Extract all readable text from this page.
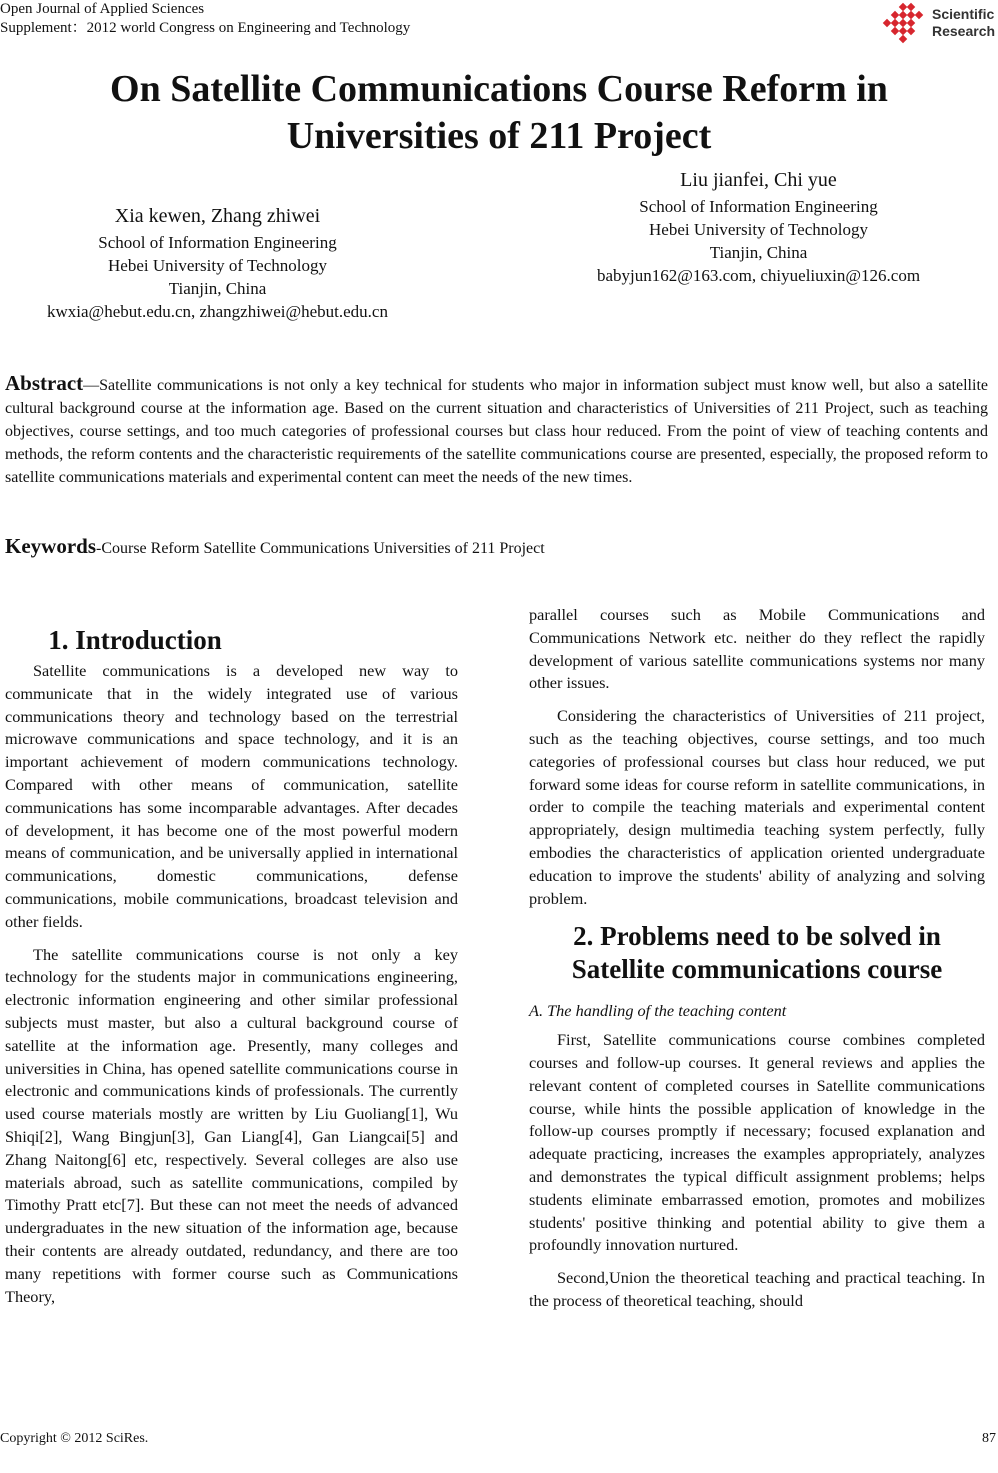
Open Journal of Applied Sciences
Supplement：2012 world Congress on Engineering and Technology
Scientific
Research
On Satellite Communications Course Reform in
Universities of 211 Project
Xia kewen, Zhang zhiwei
School of Information Engineering
Hebei University of Technology
Tianjin, China
kwxia@hebut.edu.cn, zhangzhiwei@hebut.edu.cn
Liu jianfei, Chi yue
School of Information Engineering
Hebei University of Technology
Tianjin, China
babyjun162@163.com, chiyueliuxin@126.com
Abstract—Satellite communications is not only a key technical for students who major in information subject must know well, but also a satellite cultural background course at the information age. Based on the current situation and characteristics of Universities of 211 Project, such as teaching objectives, course settings, and too much categories of professional courses but class hour reduced. From the point of view of teaching contents and methods, the reform contents and the characteristic requirements of the satellite communications course are presented, especially, the proposed reform to satellite communications materials and experimental content can meet the needs of the new times.
Keywords-Course Reform Satellite Communications Universities of 211 Project
1. Introduction

Satellite communications is a developed new way to communicate that in the widely integrated use of various communications theory and technology based on the terrestrial microwave communications and space technology, and it is an important achievement of modern communications technology. Compared with other means of communication, satellite communications has some incomparable advantages. After decades of development, it has become one of the most powerful modern means of communication, and be universally applied in international communications, domestic communications, defense communications, mobile communications, broadcast television and other fields.

The satellite communications course is not only a key technology for the students major in communications engineering, electronic information engineering and other similar professional subjects must master, but also a cultural background course of satellite at the information age. Presently, many colleges and universities in China, has opened satellite communications course in electronic and communications kinds of professionals. The currently used course materials mostly are written by Liu Guoliang[1], Wu Shiqi[2], Wang Bingjun[3], Gan Liang[4], Gan Liangcai[5] and Zhang Naitong[6] etc, respectively. Several colleges are also use materials abroad, such as satellite communications, compiled by Timothy Pratt etc[7]. But these can not meet the needs of advanced undergraduates in the new situation of the information age, because their contents are already outdated, redundancy, and there are too many repetitions with former course such as Communications Theory,

parallel courses such as Mobile Communications and Communications Network etc. neither do they reflect the rapidly development of various satellite communications systems nor many other issues.

Considering the characteristics of Universities of 211 project, such as the teaching objectives, course settings, and too much categories of professional courses but class hour reduced, we put forward some ideas for course reform in satellite communications, in order to compile the teaching materials and experimental content appropriately, design multimedia teaching system perfectly, fully embodies the characteristics of application oriented undergraduate education to improve the students' ability of analyzing and solving problem.

2. Problems need to be solved in
Satellite communications course
A. The handling of the teaching content

First, Satellite communications course combines completed courses and follow-up courses. It general reviews and applies the relevant content of completed courses in Satellite communications course, while hints the possible application of knowledge in the follow-up courses promptly if necessary; focused explanation and adequate practicing, increases the examples appropriately, analyzes and demonstrates the typical difficult assignment problems; helps students eliminate embarrassed emotion, promotes and mobilizes students' positive thinking and potential ability to give them a profoundly innovation nurtured.

Second,Union the theoretical teaching and practical teaching. In the process of theoretical teaching, should

Copyright © 2012 SciRes.	87
